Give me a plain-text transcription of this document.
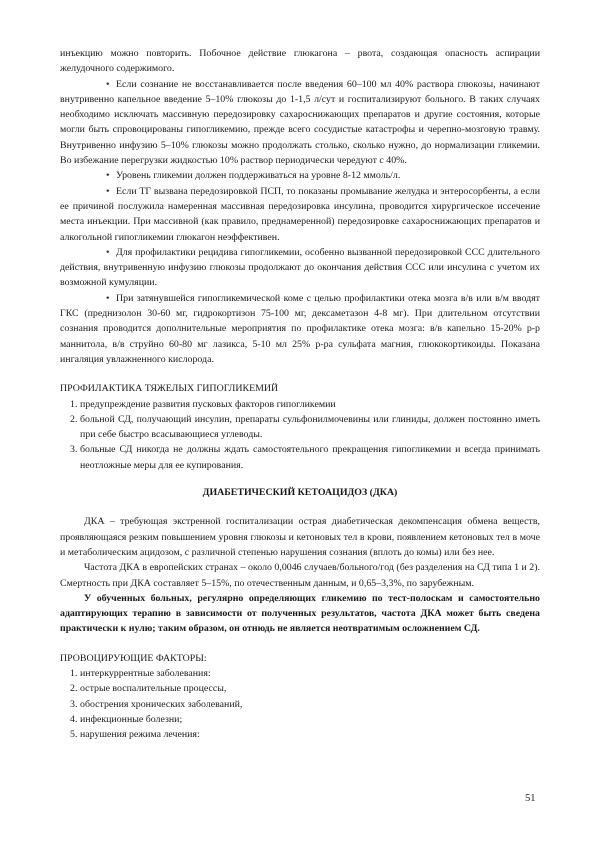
инъекцию можно повторить. Побочное действие глюкагона – рвота, создающая опасность аспирации желудочного содержимого.

• Если сознание не восстанавливается после введения 60–100 мл 40% раствора глюкозы, начинают внутривенно капельное введение 5–10% глюкозы до 1-1,5 л/сут и госпитализируют больного. В таких случаях необходимо исключать массивную передозировку сахароснижающих препаратов и другие состояния, которые могли быть спровоцированы гипогликемию, прежде всего сосудистые катастрофы и черепно-мозговую травму. Внутривенно инфузию 5–10% глюкозы можно продолжать столько, сколько нужно, до нормализации гликемии. Во избежание перегрузки жидкостью 10% раствор периодически чередуют с 40%.

• Уровень гликемии должен поддерживаться на уровне 8-12 ммоль/л.

• Если ТГ вызвана передозировкой ПСП, то показаны промывание желудка и энтеросорбенты, а если ее причиной послужила намеренная массивная передозировка инсулина, проводится хирургическое иссечение места инъекции. При массивной (как правило, преднамеренной) передозировке сахароснижающих препаратов и алкогольной гипогликемии глюкагон неэффективен.

• Для профилактики рецидива гипогликемии, особенно вызванной передозировкой ССС длительного действия, внутривенную инфузию глюкозы продолжают до окончания действия ССС или инсулина с учетом их возможной кумуляции.

• При затянувшейся гипогликемической коме с целью профилактики отека мозга в/в или в/м вводят ГКС (преднизолон 30-60 мг, гидрокортизон 75-100 мг, дексаметазон 4-8 мг). При длительном отсутствии сознания проводится дополнительные мероприятия по профилактике отека мозга: в/в капельно 15-20% р-р маннитола, в/в струйно 60-80 мг лазикса, 5-10 мл 25% р-ра сульфата магния, глюкокортикоиды. Показана ингаляция увлажненного кислорода.

ПРОФИЛАКТИКА ТЯЖЕЛЫХ ГИПОГЛИКЕМИЙ

1. предупреждение развития пусковых факторов гипогликемии
2. больной СД, получающий инсулин, препараты сульфонилмочевины или глиниды, должен постоянно иметь при себе быстро всасывающиеся углеводы.
3. больные СД никогда не должны ждать самостоятельного прекращения гипогликемии и всегда принимать неотложные меры для ее купирования.

ДИАБЕТИЧЕСКИЙ КЕТОАЦИДОЗ (ДКА)

ДКА – требующая экстренной госпитализации острая диабетическая декомпенсация обмена веществ, проявляющаяся резким повышением уровня глюкозы и кетоновых тел в крови, появлением кетоновых тел в моче и метаболическим ацидозом, с различной степенью нарушения сознания (вплоть до комы) или без нее.

Частота ДКА в европейских странах – около 0,0046 случаев/больного/год (без разделения на СД типа 1 и 2). Смертность при ДКА составляет 5–15%, по отечественным данным, и 0,65–3,3%, по зарубежным.

У обученных больных, регулярно определяющих гликемию по тест-полоскам и самостоятельно адаптирующих терапию в зависимости от полученных результатов, частота ДКА может быть сведена практически к нулю; таким образом, он отнюдь не является неотвратимым осложнением СД.

ПРОВОЦИРУЮЩИЕ ФАКТОРЫ:

1. интеркуррентные заболевания:
2. острые воспалительные процессы,
3. обострения хронических заболеваний,
4. инфекционные болезни;
5. нарушения режима лечения:
51
